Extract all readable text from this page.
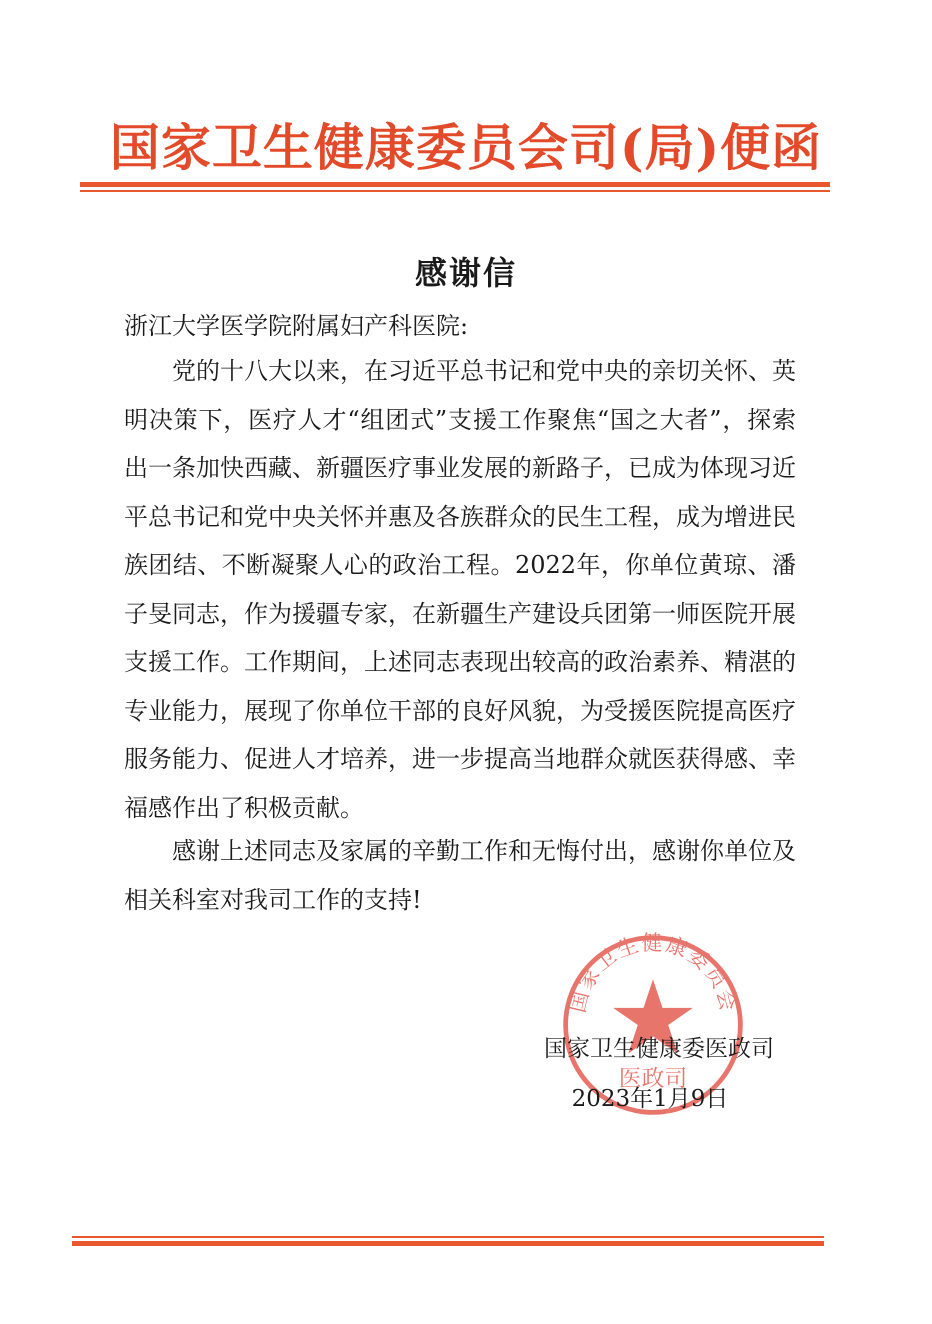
国家卫生健康委员会司(局)便函
感谢信
浙江大学医学院附属妇产科医院:

党的十八大以来，在习近平总书记和党中央的亲切关怀、英明决策下，医疗人才“组团式”支援工作聚焦“国之大者”，探索出一条加快西藏、新疆医疗事业发展的新路子，已成为体现习近平总书记和党中央关怀并惠及各族群众的民生工程，成为增进民族团结、不断凝聚人心的政治工程。2022年，你单位黄琼、潘子旻同志，作为援疆专家，在新疆生产建设兵团第一师医院开展支援工作。工作期间，上述同志表现出较高的政治素养、精湛的专业能力，展现了你单位干部的良好风貌，为受援医院提高医疗服务能力、促进人才培养，进一步提高当地群众就医获得感、幸福感作出了积极贡献。

感谢上述同志及家属的辛勤工作和无悔付出，感谢你单位及相关科室对我司工作的支持!

国家卫生健康委员会
医政司
国家卫生健康委医政司
2023年1月9日
